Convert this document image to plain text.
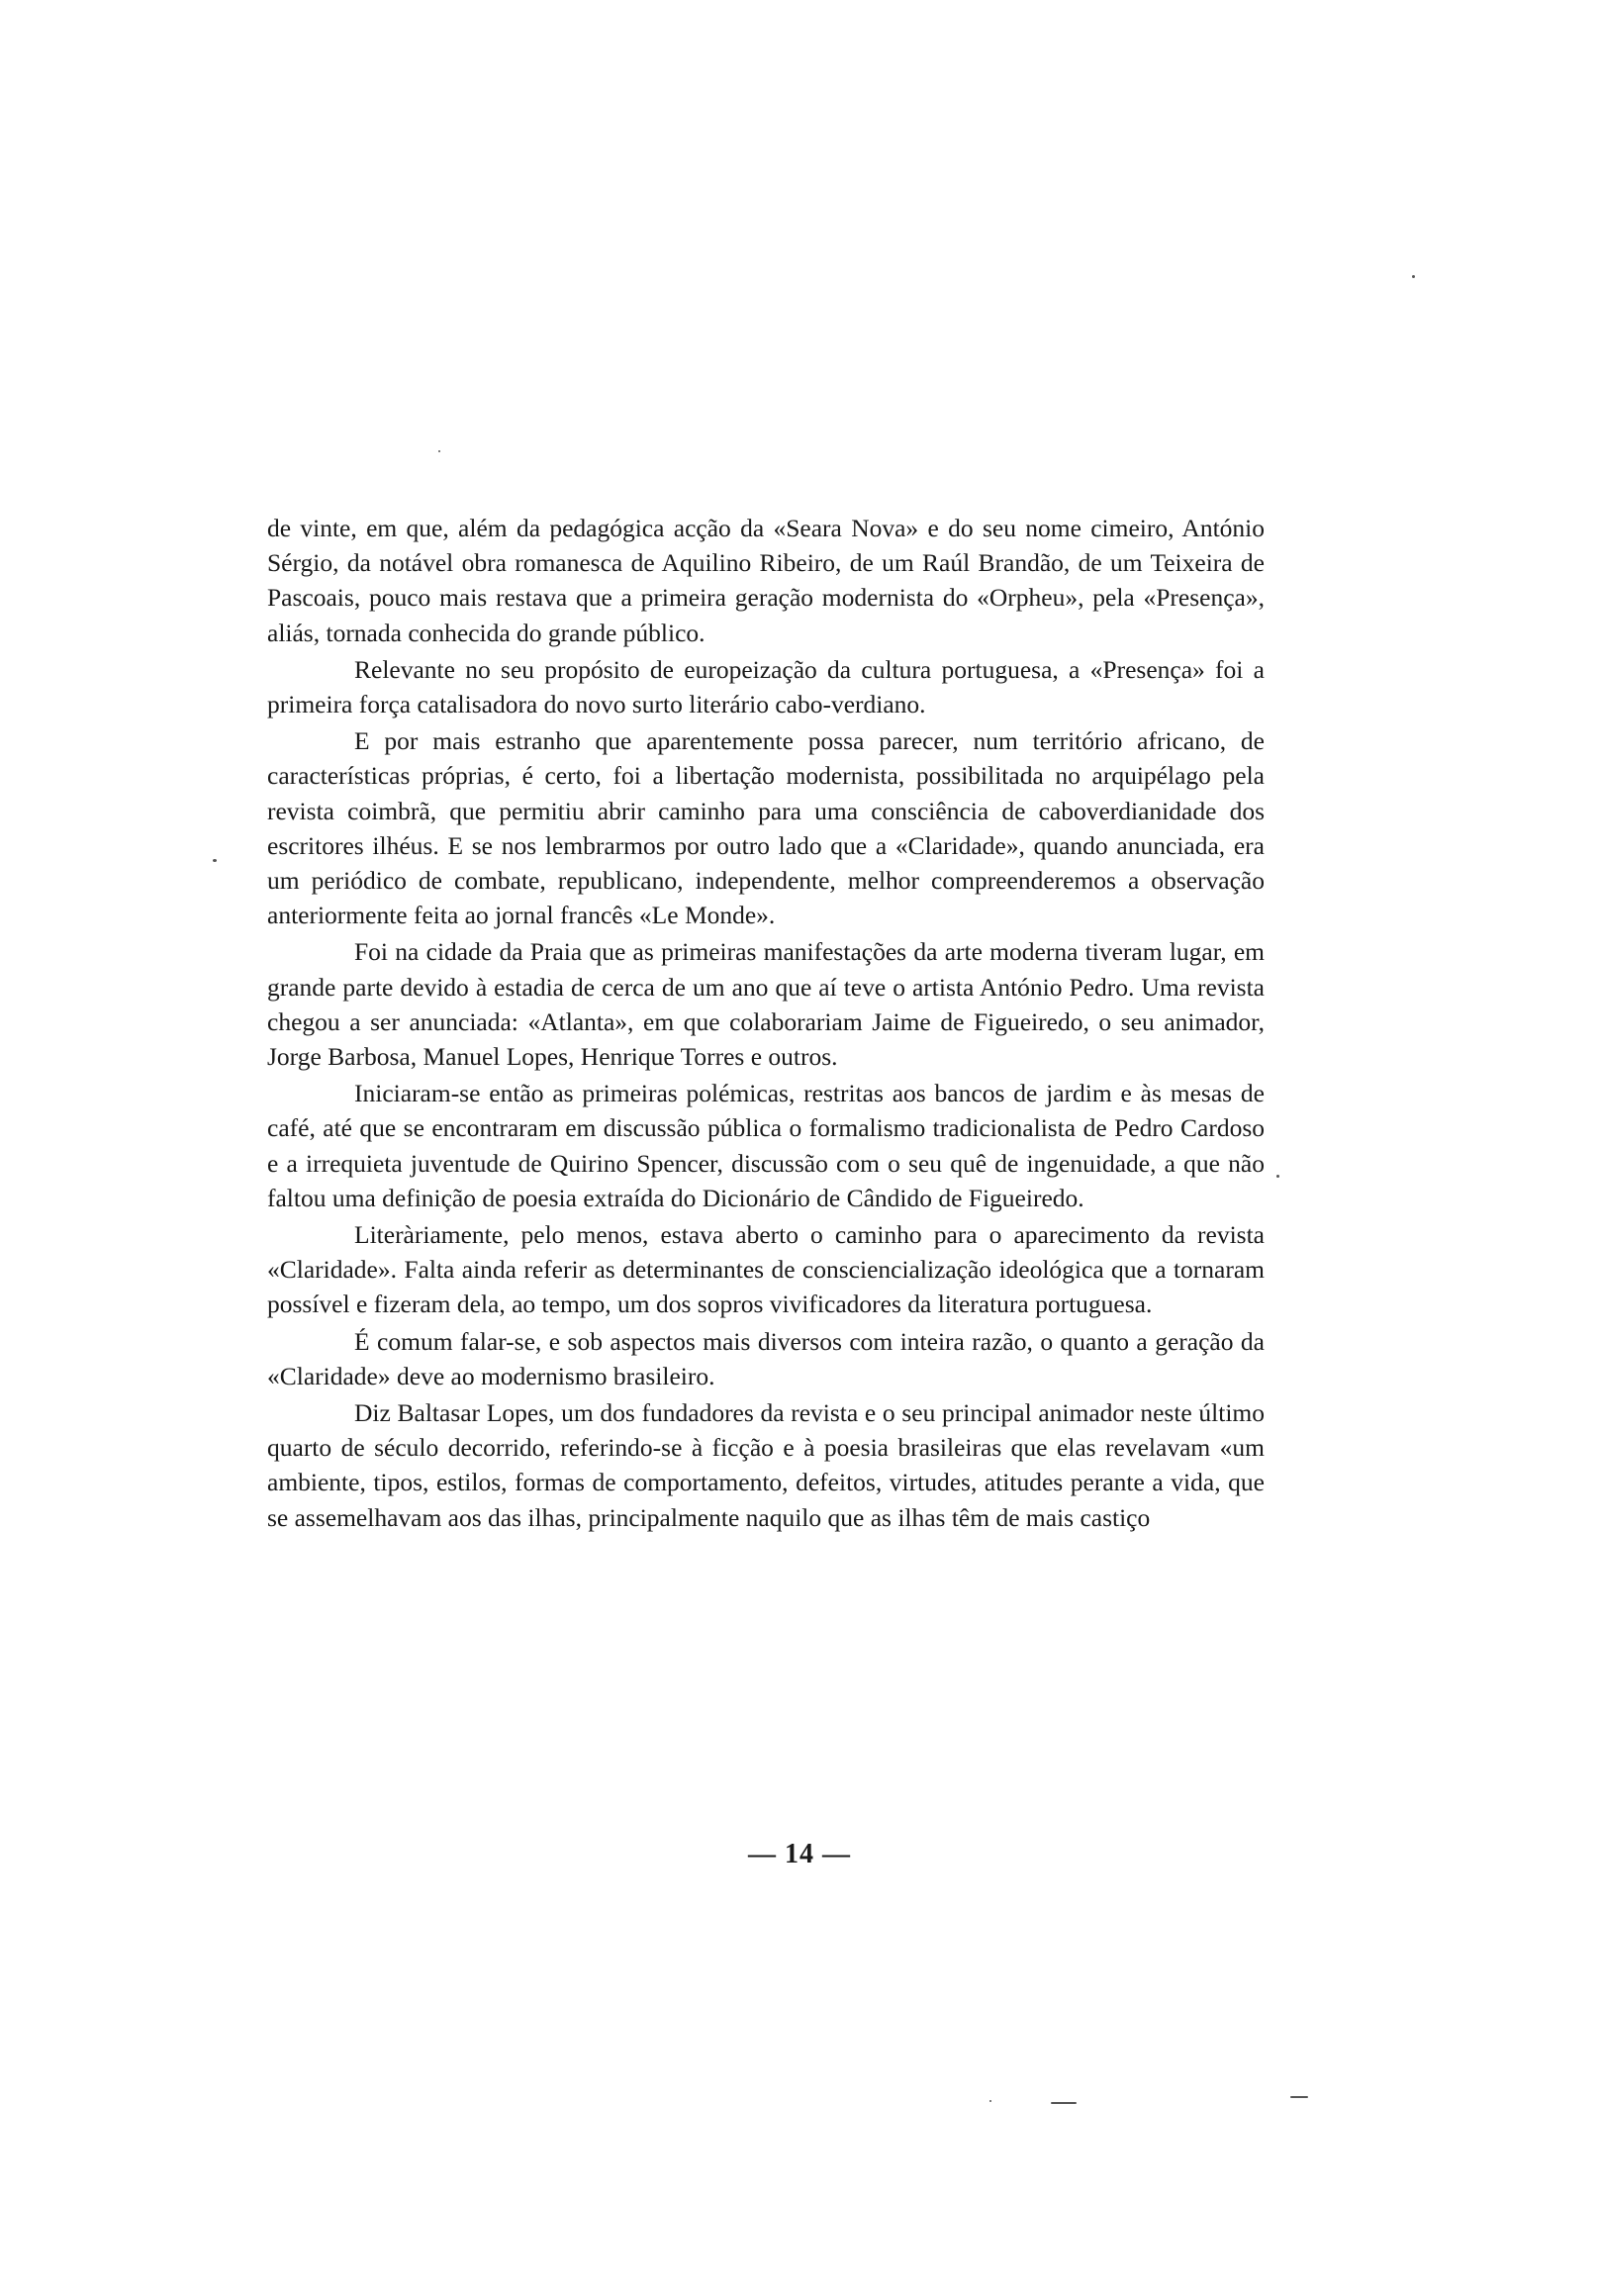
de vinte, em que, além da pedagógica acção da «Seara Nova» e do seu nome cimeiro, António Sérgio, da notável obra romanesca de Aquilino Ribeiro, de um Raúl Brandão, de um Teixeira de Pascoais, pouco mais restava que a primeira geração modernista do «Orpheu», pela «Presença», aliás, tornada conhecida do grande público.

Relevante no seu propósito de europeização da cultura portuguesa, a «Presença» foi a primeira força catalisadora do novo surto literário cabo-verdiano.

E por mais estranho que aparentemente possa parecer, num território africano, de características próprias, é certo, foi a libertação modernista, possibilitada no arquipélago pela revista coimbrã, que permitiu abrir caminho para uma consciência de caboverdianidade dos escritores ilhéus. E se nos lembrarmos por outro lado que a «Claridade», quando anunciada, era um periódico de combate, republicano, independente, melhor compreenderemos a observação anteriormente feita ao jornal francês «Le Monde».

Foi na cidade da Praia que as primeiras manifestações da arte moderna tiveram lugar, em grande parte devido à estadia de cerca de um ano que aí teve o artista António Pedro. Uma revista chegou a ser anunciada: «Atlanta», em que colaborariam Jaime de Figueiredo, o seu animador, Jorge Barbosa, Manuel Lopes, Henrique Torres e outros.

Iniciaram-se então as primeiras polémicas, restritas aos bancos de jardim e às mesas de café, até que se encontraram em discussão pública o formalismo tradicionalista de Pedro Cardoso e a irrequieta juventude de Quirino Spencer, discussão com o seu quê de ingenuidade, a que não faltou uma definição de poesia extraída do Dicionário de Cândido de Figueiredo.

Literàriamente, pelo menos, estava aberto o caminho para o aparecimento da revista «Claridade». Falta ainda referir as determinantes de consciencialização ideológica que a tornaram possível e fizeram dela, ao tempo, um dos sopros vivificadores da literatura portuguesa.

É comum falar-se, e sob aspectos mais diversos com inteira razão, o quanto a geração da «Claridade» deve ao modernismo brasileiro.

Diz Baltasar Lopes, um dos fundadores da revista e o seu principal animador neste último quarto de século decorrido, referindo-se à ficção e à poesia brasileiras que elas revelavam «um ambiente, tipos, estilos, formas de comportamento, defeitos, virtudes, atitudes perante a vida, que se assemelhavam aos das ilhas, principalmente naquilo que as ilhas têm de mais castiço

— 14 —
